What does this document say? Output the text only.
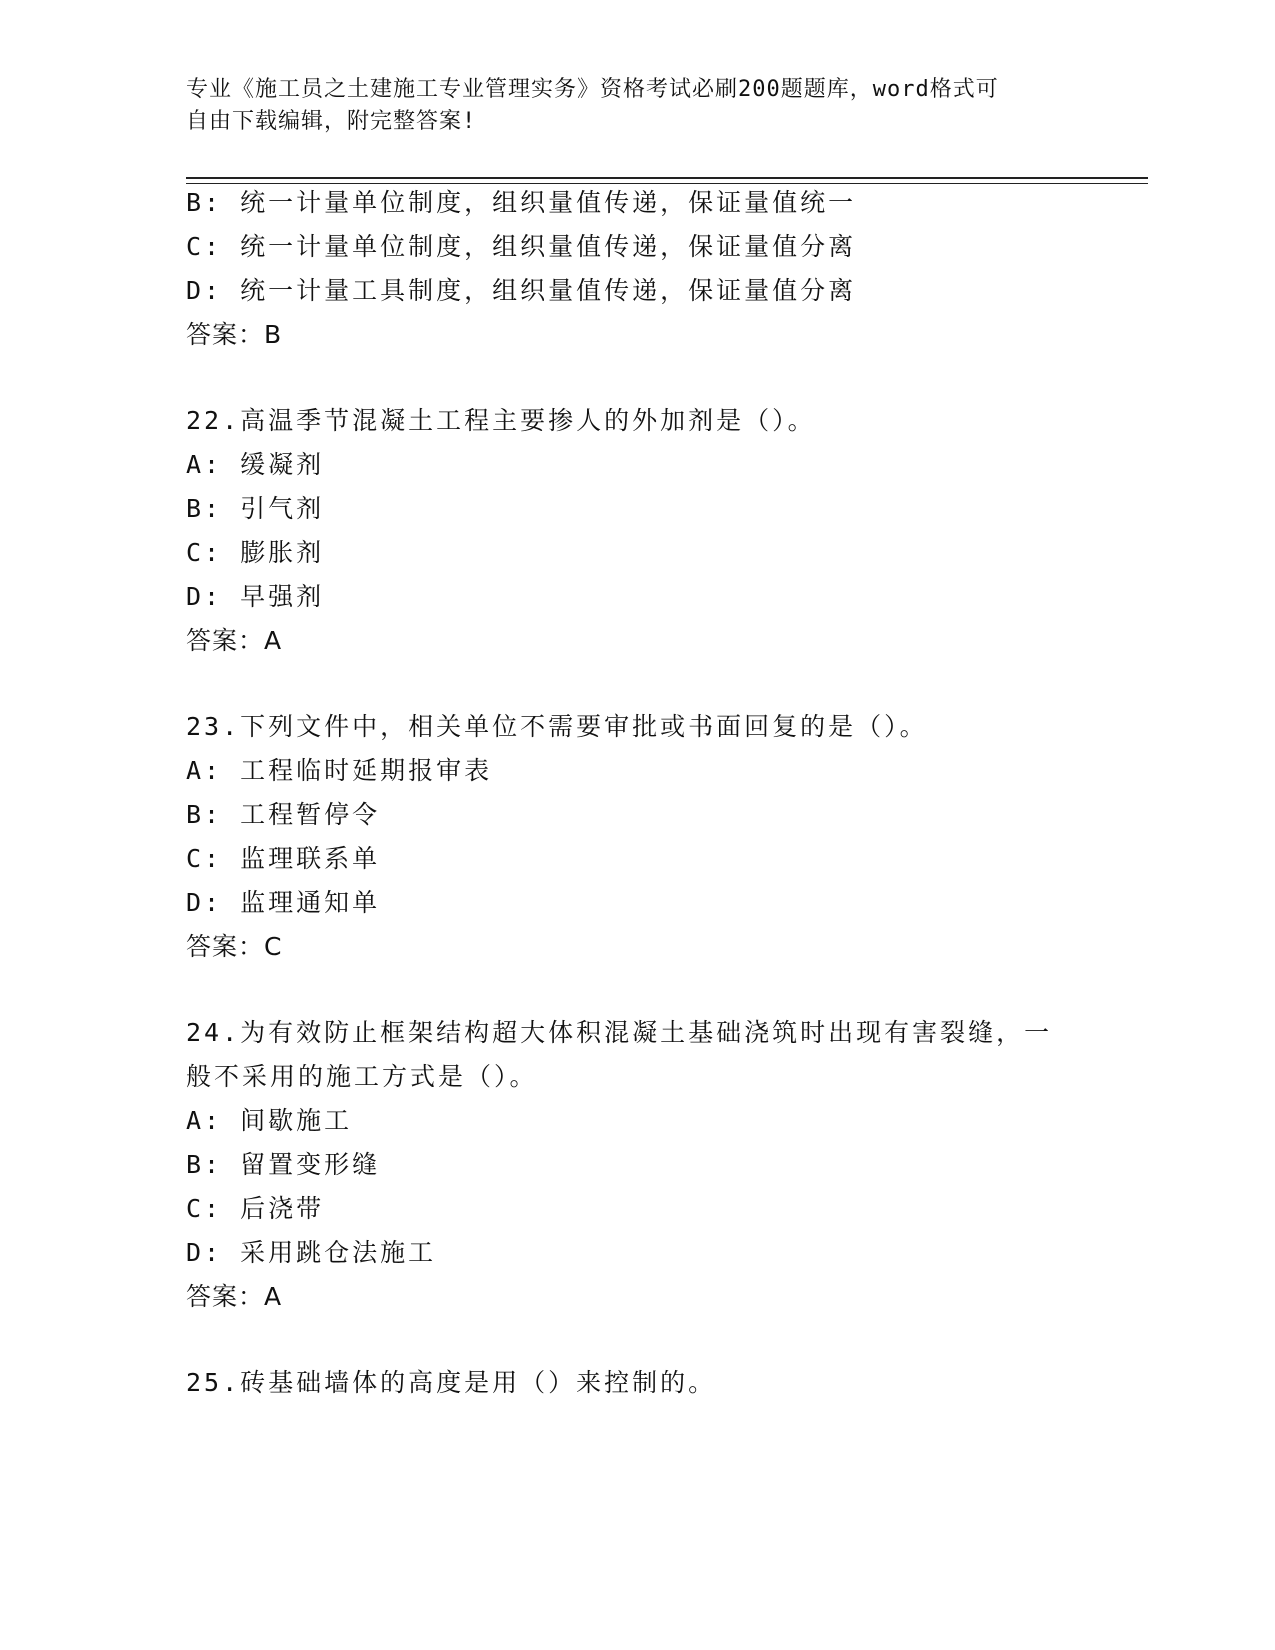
专业《施工员之土建施工专业管理实务》资格考试必刷200题题库，word格式可
自由下载编辑，附完整答案!
B: 统一计量单位制度，组织量值传递，保证量值统一
C: 统一计量单位制度，组织量值传递，保证量值分离
D: 统一计量工具制度，组织量值传递，保证量值分离
答案：B
22.高温季节混凝土工程主要掺人的外加剂是（）。
A: 缓凝剂
B: 引气剂
C: 膨胀剂
D: 早强剂
答案：A
23.下列文件中，相关单位不需要审批或书面回复的是（）。
A: 工程临时延期报审表
B: 工程暂停令
C: 监理联系单
D: 监理通知单
答案：C
24.为有效防止框架结构超大体积混凝土基础浇筑时出现有害裂缝，一
般不采用的施工方式是（）。
A: 间歇施工
B: 留置变形缝
C: 后浇带
D: 采用跳仓法施工
答案：A
25.砖基础墙体的高度是用（）来控制的。
